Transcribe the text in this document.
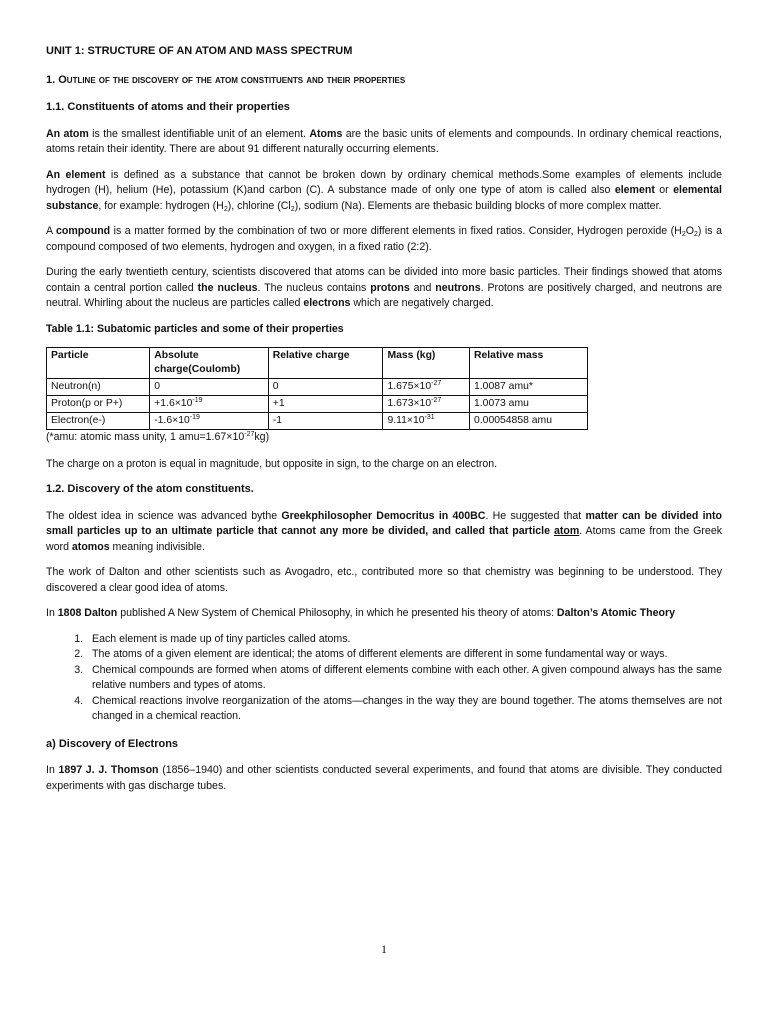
UNIT 1: STRUCTURE OF AN ATOM AND MASS SPECTRUM
1. Outline of the discovery of the atom constituents and their properties
1.1. Constituents of atoms and their properties

An atom is the smallest identifiable unit of an element. Atoms are the basic units of elements and compounds. In ordinary chemical reactions, atoms retain their identity. There are about 91 different naturally occurring elements.

An element is defined as a substance that cannot be broken down by ordinary chemical methods.Some examples of elements include hydrogen (H), helium (He), potassium (K)and carbon (C). A substance made of only one type of atom is called also element or elemental substance, for example: hydrogen $(H_2)$, chlorine $(Cl_2)$, sodium (Na). Elements are thebasic building blocks of more complex matter.

A compound is a matter formed by the combination of two or more different elements in fixed ratios. Consider, Hydrogen peroxide $(H_2O_2)$ is a compound composed of two elements, hydrogen and oxygen, in a fixed ratio (2:2).

During the early twentieth century, scientists discovered that atoms can be divided into more basic particles. Their findings showed that atoms contain a central portion called the nucleus. The nucleus contains protons and neutrons. Protons are positively charged, and neutrons are neutral. Whirling about the nucleus are particles called electrons which are negatively charged.

Table 1.1: Subatomic particles and some of their properties
Particle	Absolute charge(Coulomb)	Relative charge	Mass (kg)	Relative mass
Neutron(n)	0	0	$1.675\times 10^{-27}$	1.0087 amu*
Proton(p or P+)	$+1.6\times 10^{-19}$	+1	$1.673\times 10^{-27}$	1.0073 amu
Electron(e-)	$-1.6\times 10^{-19}$	-1	$9.11\times 10^{-31}$	0.00054858 amu
(*amu: atomic mass unity, 1 $amu=1.67\times 10^{-27}kg$)

The charge on a proton is equal in magnitude, but opposite in sign, to the charge on an electron.

1.2. Discovery of the atom constituents.

The oldest idea in science was advanced bythe Greekphilosopher Democritus in 400BC. He suggested that matter can be divided into small particles up to an ultimate particle that cannot any more be divided, and called that particle atom. Atoms came from the Greek word atomos meaning indivisible.

The work of Dalton and other scientists such as Avogadro, etc., contributed more so that chemistry was beginning to be understood. They discovered a clear good idea of atoms.

In 1808 Dalton published A New System of Chemical Philosophy, in which he presented his theory of atoms: Dalton’s Atomic Theory

1. Each element is made up of tiny particles called atoms.
2. The atoms of a given element are identical; the atoms of different elements are different in some fundamental way or ways.
3. Chemical compounds are formed when atoms of different elements combine with each other. A given compound always has the same relative numbers and types of atoms.
4. Chemical reactions involve reorganization of the atoms—changes in the way they are bound together. The atoms themselves are not changed in a chemical reaction.
a) Discovery of Electrons

In 1897 J. J. Thomson (1856–1940) and other scientists conducted several experiments, and found that atoms are divisible. They conducted experiments with gas discharge tubes.

1
